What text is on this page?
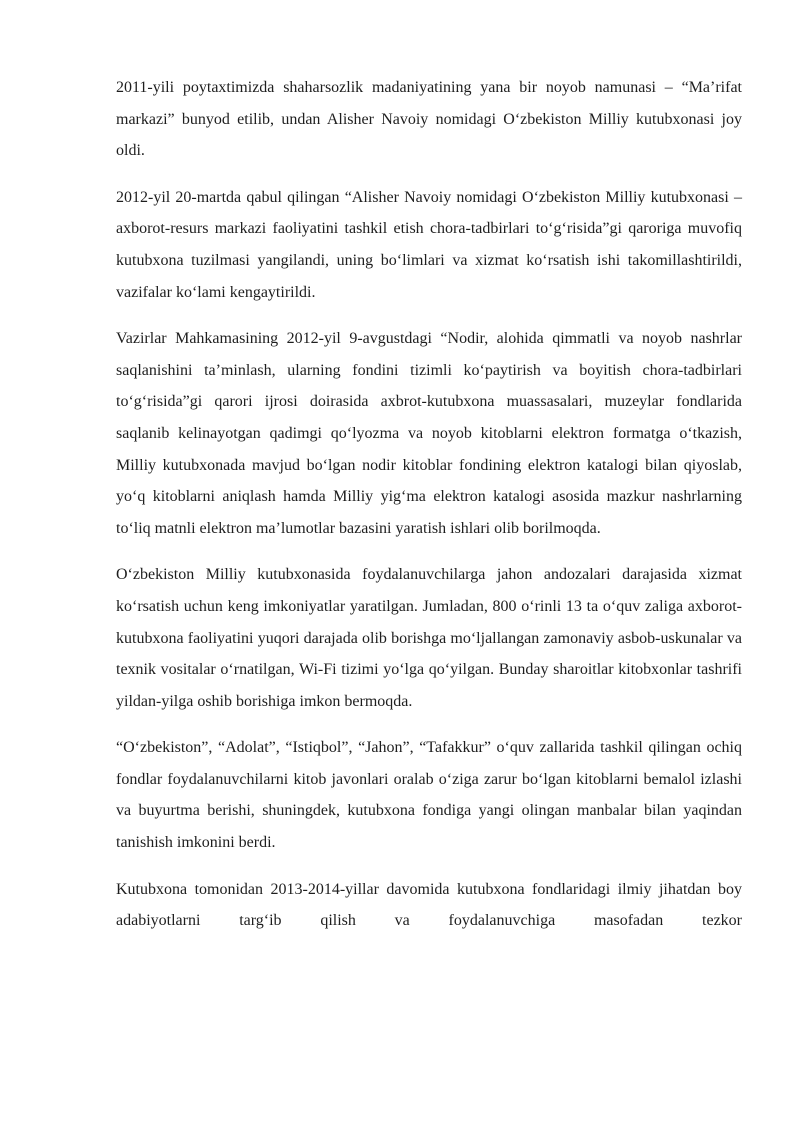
2011-yili poytaxtimizda shaharsozlik madaniyatining yana bir noyob namunasi – “Ma’rifat markazi” bunyod etilib, undan Alisher Navoiy nomidagi O‘zbekiston Milliy kutubxonasi joy oldi.

2012-yil 20-martda qabul qilingan “Alisher Navoiy nomidagi O‘zbekiston Milliy kutubxonasi – axborot-resurs markazi faoliyatini tashkil etish chora-tadbirlari to‘g‘risida”gi qaroriga muvofiq kutubxona tuzilmasi yangilandi, uning bo‘limlari va xizmat ko‘rsatish ishi takomillashtirildi, vazifalar ko‘lami kengaytirildi.

Vazirlar Mahkamasining 2012-yil 9-avgustdagi “Nodir, alohida qimmatli va noyob nashrlar saqlanishini ta’minlash, ularning fondini tizimli ko‘paytirish va boyitish chora-tadbirlari to‘g‘risida”gi qarori ijrosi doirasida axbrot-kutubxona muassasalari, muzeylar fondlarida saqlanib kelinayotgan qadimgi qo‘lyozma va noyob kitoblarni elektron formatga o‘tkazish, Milliy kutubxonada mavjud bo‘lgan nodir kitoblar fondining elektron katalogi bilan qiyoslab, yo‘q kitoblarni aniqlash hamda Milliy yig‘ma elektron katalogi asosida mazkur nashrlarning to‘liq matnli elektron ma’lumotlar bazasini yaratish ishlari olib borilmoqda.

O‘zbekiston Milliy kutubxonasida foydalanuvchilarga jahon andozalari darajasida xizmat ko‘rsatish uchun keng imkoniyatlar yaratilgan. Jumladan, 800 o‘rinli 13 ta o‘quv zaliga axborot-kutubxona faoliyatini yuqori darajada olib borishga mo‘ljallangan zamonaviy asbob-uskunalar va texnik vositalar o‘rnatilgan, Wi-Fi tizimi yo‘lga qo‘yilgan. Bunday sharoitlar kitobxonlar tashrifi yildan-yilga oshib borishiga imkon bermoqda.

“O‘zbekiston”, “Adolat”, “Istiqbol”, “Jahon”, “Tafakkur” o‘quv zallarida tashkil qilingan ochiq fondlar foydalanuvchilarni kitob javonlari oralab o‘ziga zarur bo‘lgan kitoblarni bemalol izlashi va buyurtma berishi, shuningdek, kutubxona fondiga yangi olingan manbalar bilan yaqindan tanishish imkonini berdi.

Kutubxona tomonidan 2013-2014-yillar davomida kutubxona fondlaridagi ilmiy jihatdan boy adabiyotlarni targ‘ib qilish va foydalanuvchiga masofadan tezkor
